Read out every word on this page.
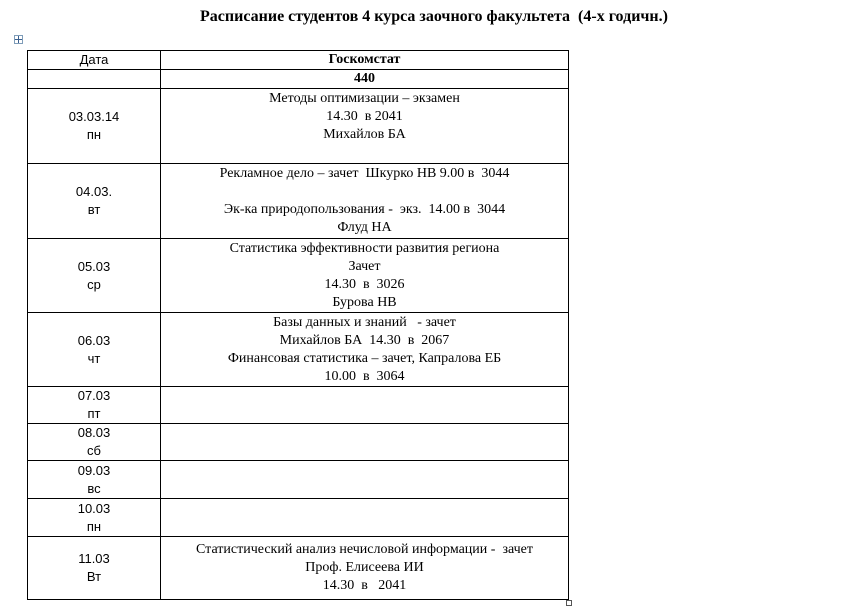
Расписание студентов 4 курса заочного факультета  (4-х годичн.)
Дата	Госкомстат
	440

03.03.14
пн	Методы оптимизации – экзамен
14.30  в 2041
Михайлов БА

04.03.
вт	Рекламное дело – зачет  Шкурко НВ 9.00 в  3044
Эк-ка природопользования -  экз.  14.00 в  3044
Флуд НА

05.03
ср	Статистика эффективности развития региона
Зачет
14.30  в  3026
Бурова НВ

06.03
чт	Базы данных и знаний   - зачет
Михайлов БА  14.30  в  2067
Финансовая статистика – зачет, Капралова ЕБ
10.00  в  3064

07.03
пт	

08.03
сб	

09.03
вс	

10.03
пн	

11.03
Вт	Статистический анализ нечисловой информации -  зачет
Проф. Елисеева ИИ
14.30  в   2041
